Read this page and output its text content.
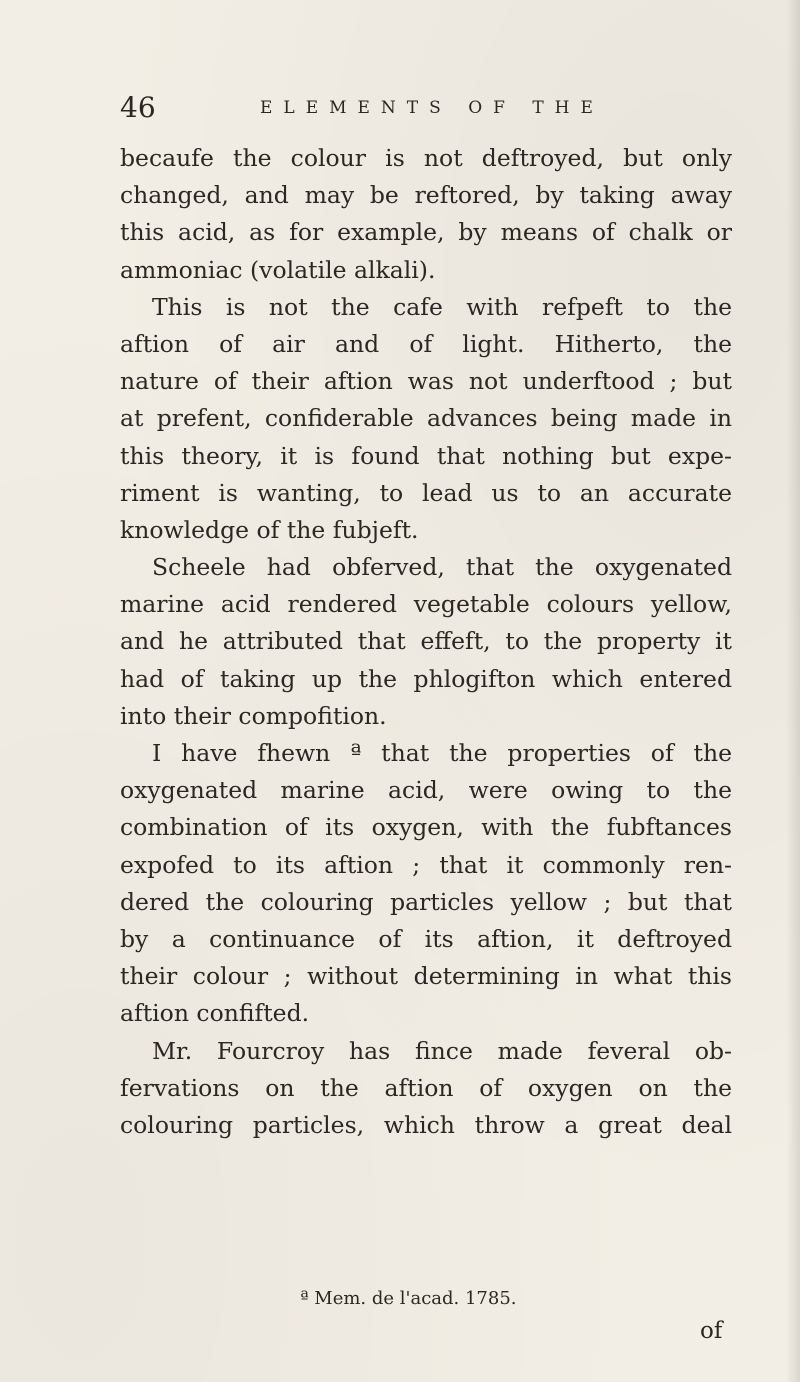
46	ELEMENTS OF THE
becaufe the colour is not deftroyed, but only
changed, and may be reftored, by taking away
this acid, as for example, by means of chalk or
ammoniac (volatile alkali).
This is not the cafe with refpeft to the
aftion of air and of light. Hitherto, the
nature of their aftion was not underftood ; but
at prefent, confiderable advances being made in
this theory, it is found that nothing but expe-
riment is wanting, to lead us to an accurate
knowledge of the fubjeft.
Scheele had obferved, that the oxygenated
marine acid rendered vegetable colours yellow,
and he attributed that effeft, to the property it
had of taking up the phlogifton which entered
into their compofition.
I have fhewn ª that the properties of the
oxygenated marine acid, were owing to the
combination of its oxygen, with the fubftances
expofed to its aftion ; that it commonly ren-
dered the colouring particles yellow ; but that
by a continuance of its aftion, it deftroyed
their colour ; without determining in what this
aftion confifted.
Mr. Fourcroy has fince made feveral ob-
fervations on the aftion of oxygen on the
colouring particles, which throw a great deal
ª Mem. de l'acad. 1785.
of
